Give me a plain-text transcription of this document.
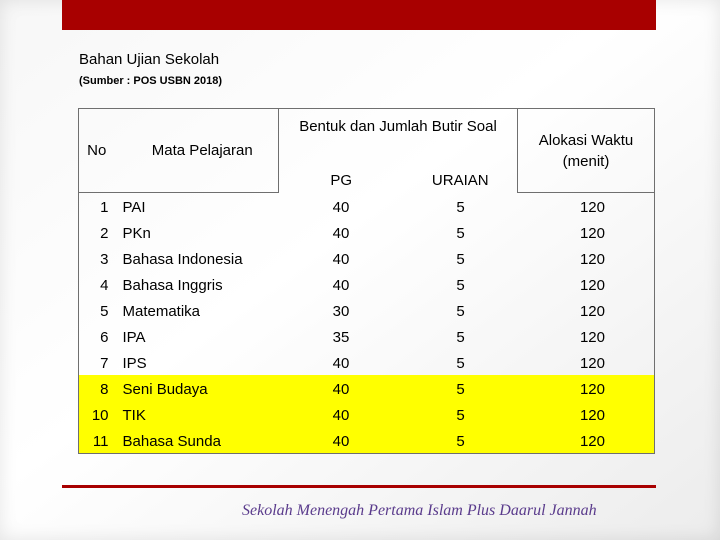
Bahan Ujian Sekolah
(Sumber : POS USBN 2018)
No	Mata Pelajaran	Bentuk dan Jumlah Butir Soal		Alokasi Waktu
(menit)

		PG	URAIAN	

1	PAI	40	5	120

2	PKn	40	5	120

3	Bahasa Indonesia	40	5	120

4	Bahasa Inggris	40	5	120

5	Matematika	30	5	120

6	IPA	35	5	120

7	IPS	40	5	120

8	Seni Budaya	40	5	120

10	TIK	40	5	120

11	Bahasa Sunda	40	5	120
Sekolah Menengah Pertama Islam Plus Daarul Jannah
